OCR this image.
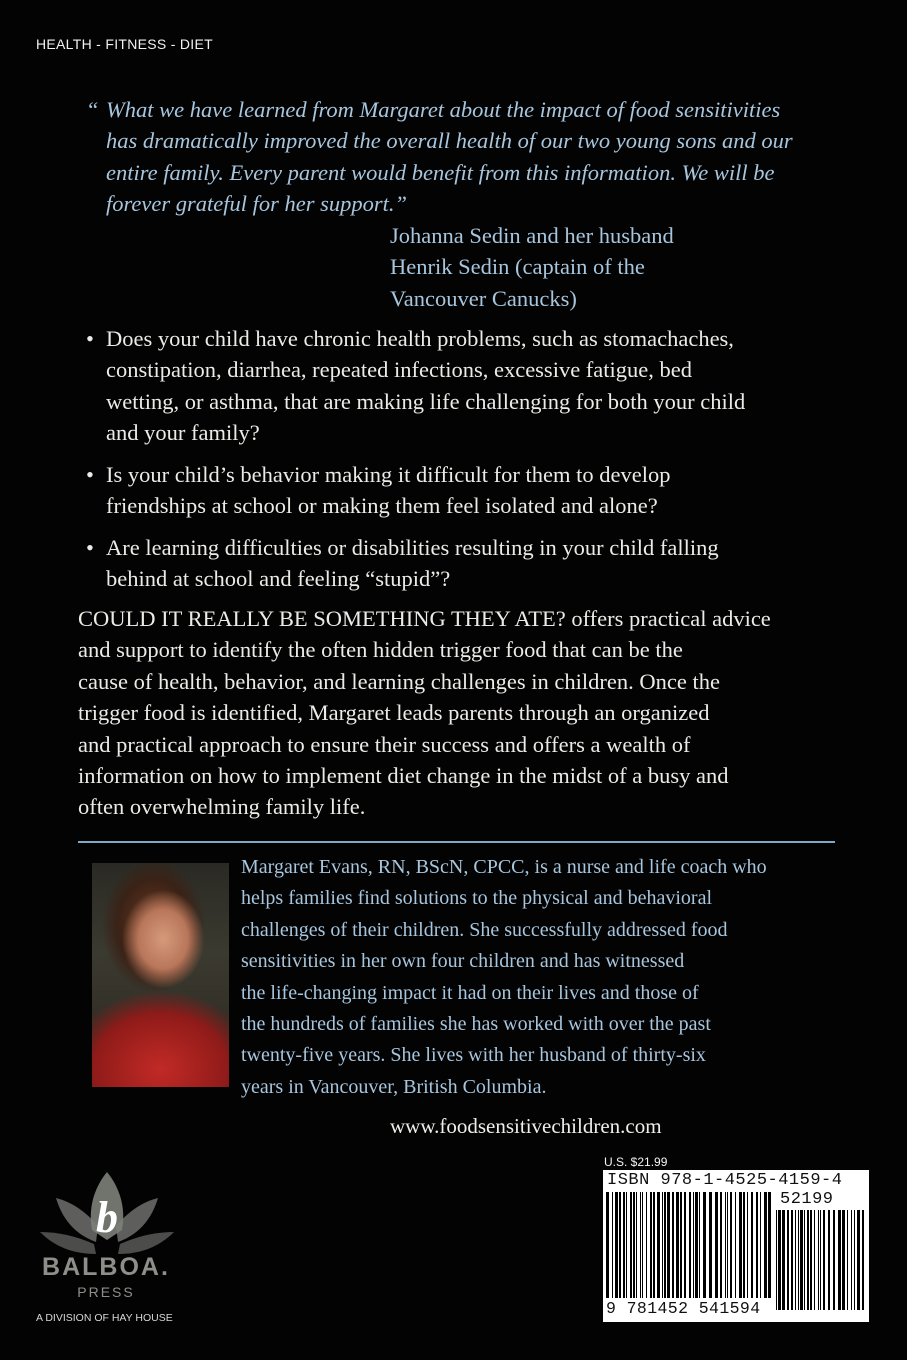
HEALTH - FITNESS - DIET
“ What we have learned from Margaret about the impact of food sensitivities
has dramatically improved the overall health of our two young sons and our
entire family. Every parent would benefit from this information. We will be
forever grateful for her support.”
Johanna Sedin and her husband
Henrik Sedin (captain of the
Vancouver Canucks)
• Does your child have chronic health problems, such as stomachaches,
constipation, diarrhea, repeated infections, excessive fatigue, bed
wetting, or asthma, that are making life challenging for both your child
and your family?
• Is your child’s behavior making it difficult for them to develop
friendships at school or making them feel isolated and alone?
• Are learning difficulties or disabilities resulting in your child falling
behind at school and feeling “stupid”?
COULD IT REALLY BE SOMETHING THEY ATE? offers practical advice
and support to identify the often hidden trigger food that can be the
cause of health, behavior, and learning challenges in children. Once the
trigger food is identified, Margaret leads parents through an organized
and practical approach to ensure their success and offers a wealth of
information on how to implement diet change in the midst of a busy and
often overwhelming family life.
Margaret Evans, RN, BScN, CPCC, is a nurse and life coach who
helps families find solutions to the physical and behavioral
challenges of their children. She successfully addressed food
sensitivities in her own four children and has witnessed
the life-changing impact it had on their lives and those of
the hundreds of families she has worked with over the past
twenty-five years. She lives with her husband of thirty-six
years in Vancouver, British Columbia.
www.foodsensitivechildren.com
b
BALBOA.
PRESS
A DIVISION OF HAY HOUSE
U.S. $21.99
ISBN 978-1-4525-4159-4
52199
9 781452 541594
